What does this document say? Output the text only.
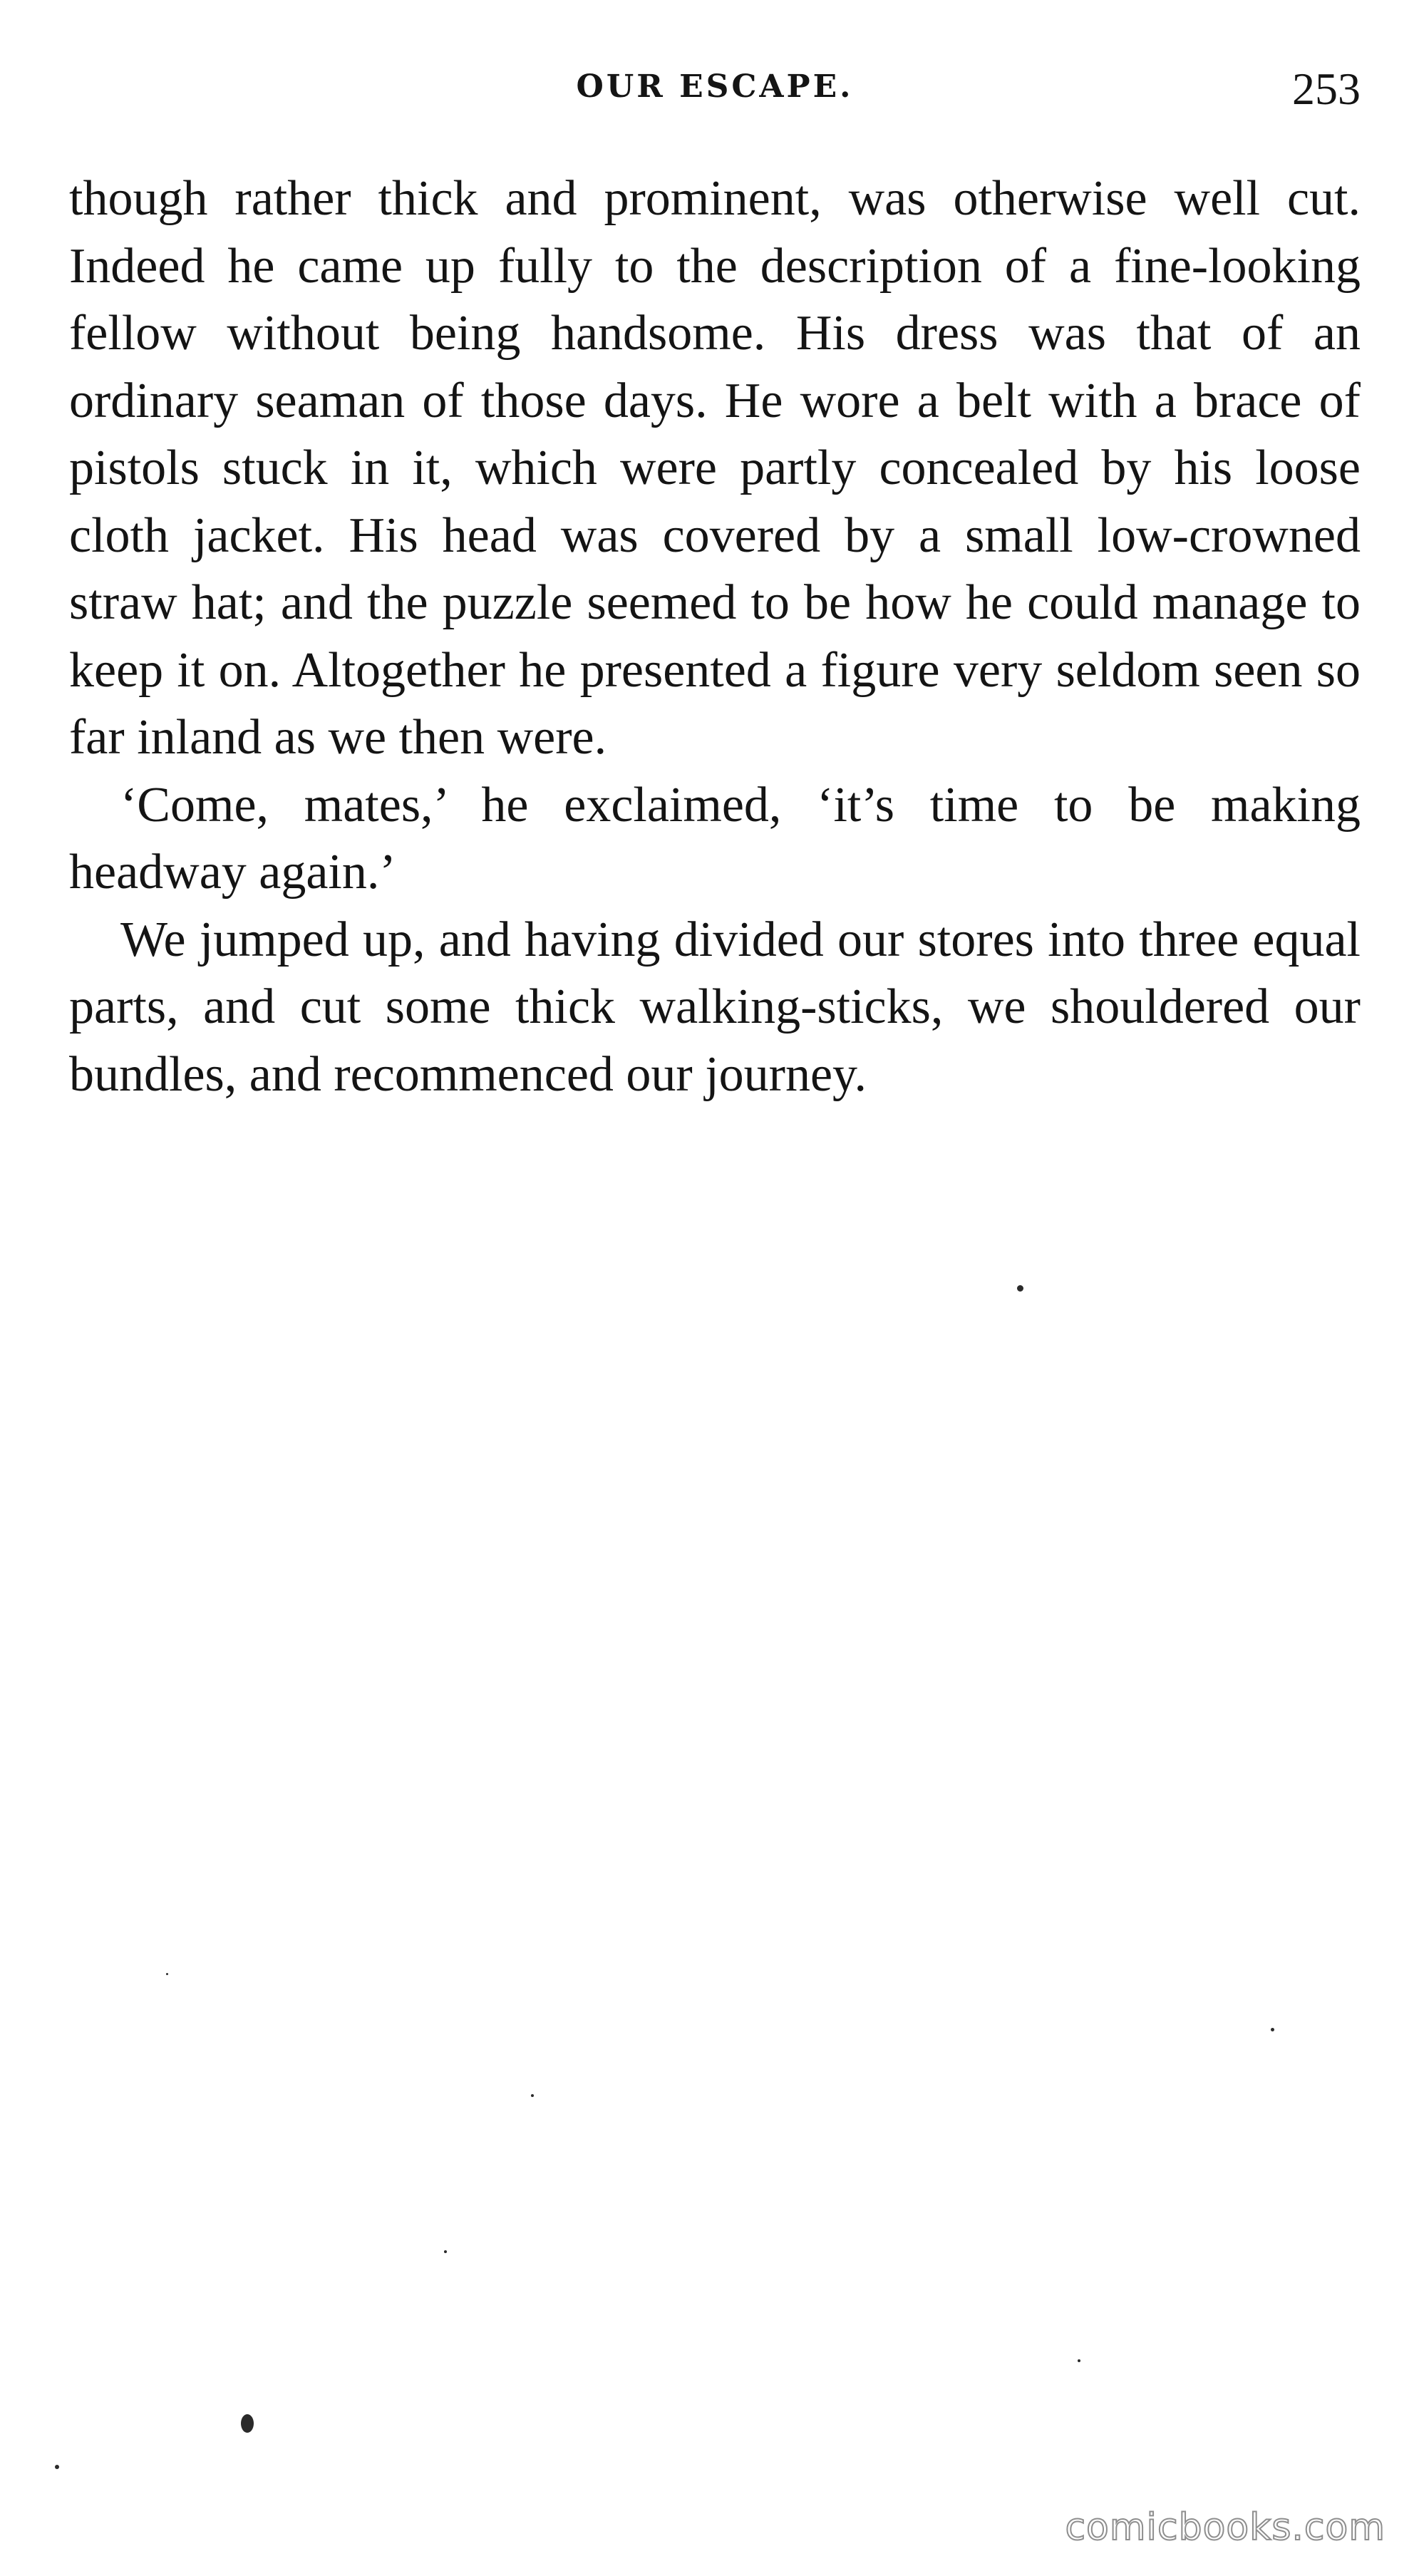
OUR ESCAPE.	253

though rather thick and prominent, was otherwise well cut. Indeed he came up fully to the description of a fine-looking fellow without being handsome. His dress was that of an ordinary seaman of those days. He wore a belt with a brace of pistols stuck in it, which were partly concealed by his loose cloth jacket. His head was covered by a small low-crowned straw hat; and the puzzle seemed to be how he could manage to keep it on. Altogether he presented a figure very seldom seen so far inland as we then were.

‘Come, mates,’ he exclaimed, ‘it’s time to be making headway again.’

We jumped up, and having divided our stores into three equal parts, and cut some thick walking-sticks, we shouldered our bundles, and recommenced our journey.

comicbooks.com
